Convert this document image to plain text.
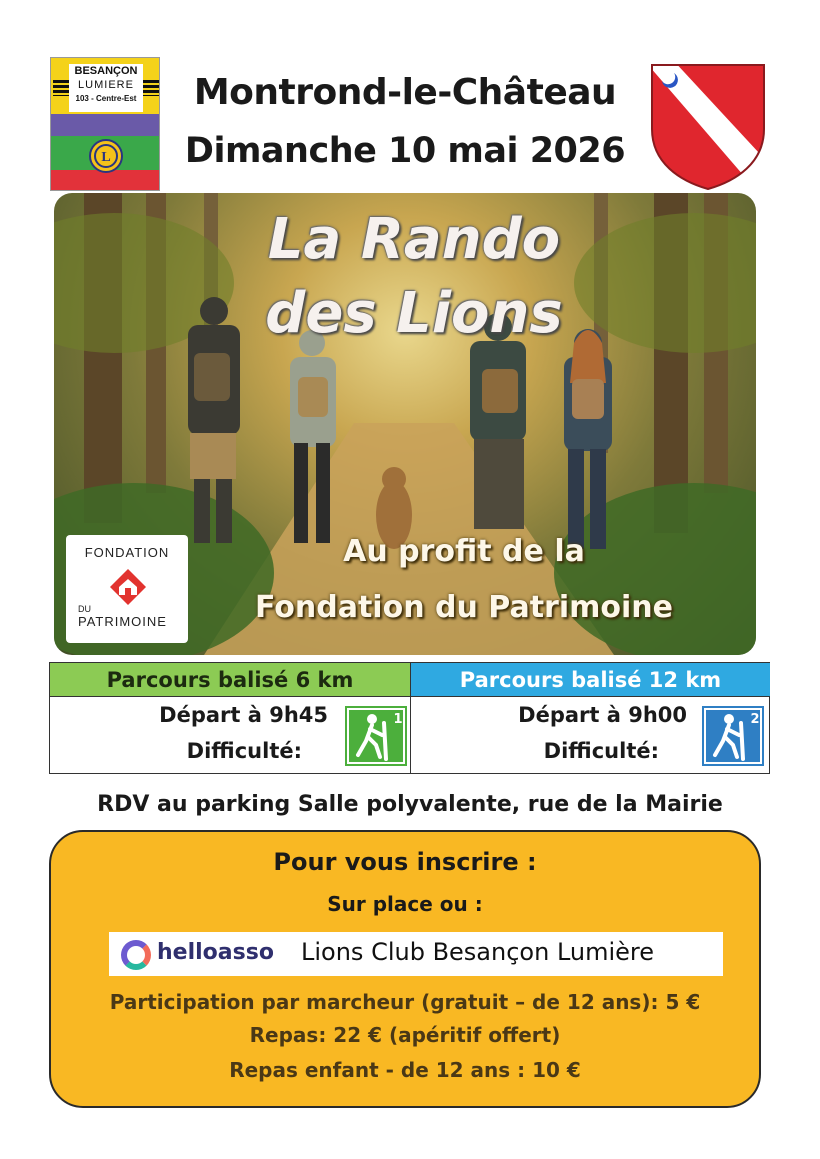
BESANÇON
LUMIERE
103 - Centre-Est
L
Montrond-le-Château
Dimanche 10 mai 2026
La Rando
des Lions
Au profit de la
Fondation du Patrimoine
FONDATION
DU
PATRIMOINE
Parcours balisé 6 km
Départ à 9h45
Difficulté:
1
Parcours balisé 12 km
Départ à 9h00
Difficulté:
2
RDV au parking Salle polyvalente, rue de la Mairie
Pour vous inscrire :
Sur place ou :
helloasso Lions Club Besançon Lumière
Participation par marcheur (gratuit – de 12 ans): 5 €
Repas: 22 € (apéritif offert)
Repas enfant - de 12 ans : 10 €
